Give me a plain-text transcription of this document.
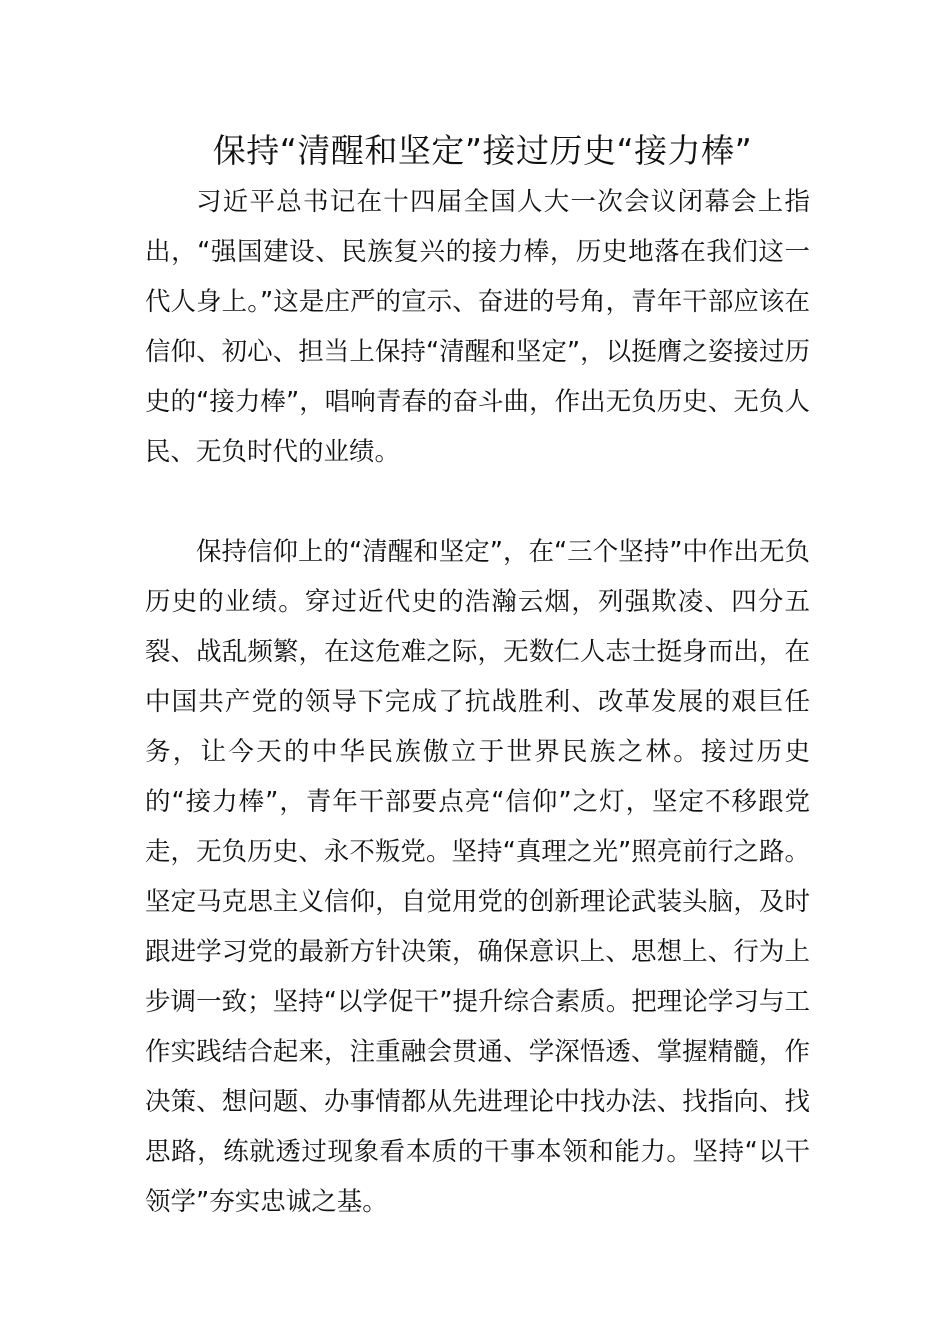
保持“清醒和坚定”接过历史“接力棒”

习近平总书记在十四届全国人大一次会议闭幕会上指出，“强国建设、民族复兴的接力棒，历史地落在我们这一代人身上。”这是庄严的宣示、奋进的号角，青年干部应该在信仰、初心、担当上保持“清醒和坚定”，以挺膺之姿接过历史的“接力棒”，唱响青春的奋斗曲，作出无负历史、无负人民、无负时代的业绩。

保持信仰上的“清醒和坚定”，在“三个坚持”中作出无负历史的业绩。穿过近代史的浩瀚云烟，列强欺凌、四分五裂、战乱频繁，在这危难之际，无数仁人志士挺身而出，在中国共产党的领导下完成了抗战胜利、改革发展的艰巨任务，让今天的中华民族傲立于世界民族之林。接过历史的“接力棒”，青年干部要点亮“信仰”之灯，坚定不移跟党走，无负历史、永不叛党。坚持“真理之光”照亮前行之路。坚定马克思主义信仰，自觉用党的创新理论武装头脑，及时跟进学习党的最新方针决策，确保意识上、思想上、行为上步调一致；坚持“以学促干”提升综合素质。把理论学习与工作实践结合起来，注重融会贯通、学深悟透、掌握精髓，作决策、想问题、办事情都从先进理论中找办法、找指向、找思路，练就透过现象看本质的干事本领和能力。坚持“以干领学”夯实忠诚之基。
